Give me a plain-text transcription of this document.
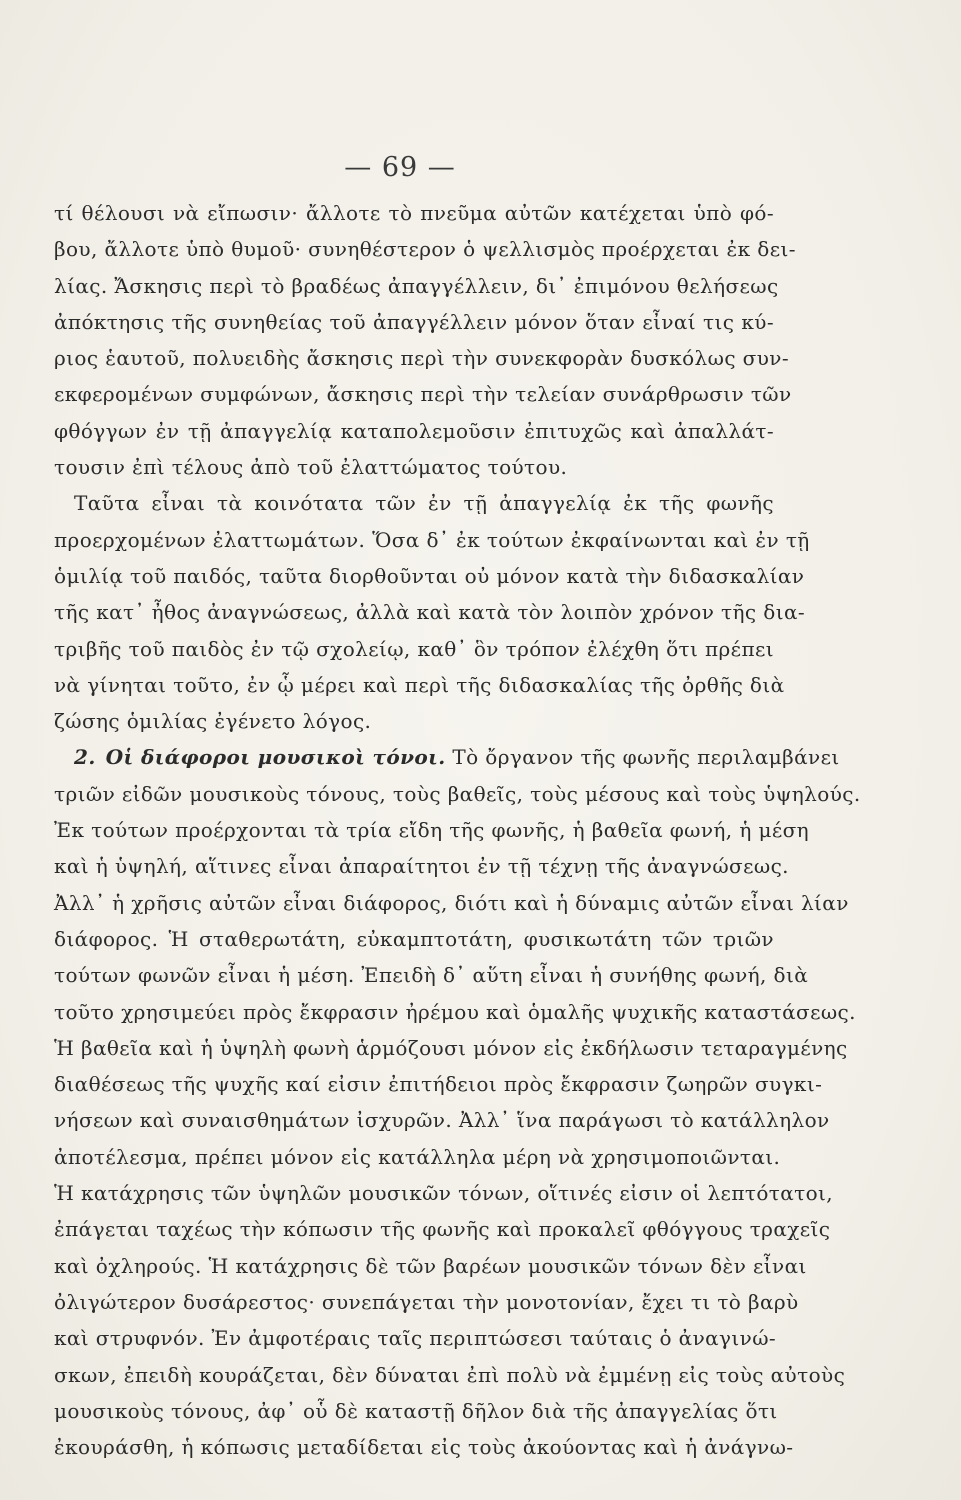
— 69 —
τί θέλουσι νὰ εἴπωσιν· ἄλλοτε τὸ πνεῦμα αὐτῶν κατέχεται ὑπὸ φό-
βου, ἄλλοτε ὑπὸ θυμοῦ· συνηθέστερον ὁ ψελλισμὸς προέρχεται ἐκ δει-
λίας. Ἄσκησις περὶ τὸ βραδέως ἀπαγγέλλειν, δι᾽ ἐπιμόνου θελήσεως
ἀπόκτησις τῆς συνηθείας τοῦ ἀπαγγέλλειν μόνον ὅταν εἶναί τις κύ-
ριος ἑαυτοῦ, πολυειδὴς ἄσκησις περὶ τὴν συνεκφορὰν δυσκόλως συν-
εκφερομένων συμφώνων, ἄσκησις περὶ τὴν τελείαν συνάρθρωσιν τῶν
φθόγγων ἐν τῇ ἀπαγγελίᾳ καταπολεμοῦσιν ἐπιτυχῶς καὶ ἀπαλλάτ-
τουσιν ἐπὶ τέλους ἀπὸ τοῦ ἐλαττώματος τούτου.
Ταῦτα εἶναι τὰ κοινότατα τῶν ἐν τῇ ἀπαγγελίᾳ ἐκ τῆς φωνῆς
προερχομένων ἐλαττωμάτων. Ὅσα δ᾽ ἐκ τούτων ἐκφαίνωνται καὶ ἐν τῇ
ὁμιλίᾳ τοῦ παιδός, ταῦτα διορθοῦνται οὐ μόνον κατὰ τὴν διδασκαλίαν
τῆς κατ᾽ ἦθος ἀναγνώσεως, ἀλλὰ καὶ κατὰ τὸν λοιπὸν χρόνον τῆς δια-
τριβῆς τοῦ παιδὸς ἐν τῷ σχολείῳ, καθ᾽ ὃν τρόπον ἐλέχθη ὅτι πρέπει
νὰ γίνηται τοῦτο, ἐν ᾧ μέρει καὶ περὶ τῆς διδασκαλίας τῆς ὀρθῆς διὰ
ζώσης ὁμιλίας ἐγένετο λόγος.
2. Οἱ διάφοροι μουσικοὶ τόνοι. Τὸ ὄργανον τῆς φωνῆς περιλαμβάνει
τριῶν εἰδῶν μουσικοὺς τόνους, τοὺς βαθεῖς, τοὺς μέσους καὶ τοὺς ὑψηλούς.
Ἐκ τούτων προέρχονται τὰ τρία εἴδη τῆς φωνῆς, ἡ βαθεῖα φωνή, ἡ μέση
καὶ ἡ ὑψηλή, αἵτινες εἶναι ἀπαραίτητοι ἐν τῇ τέχνῃ τῆς ἀναγνώσεως.
Ἀλλ᾽ ἡ χρῆσις αὐτῶν εἶναι διάφορος, διότι καὶ ἡ δύναμις αὐτῶν εἶναι λίαν
διάφορος. Ἡ σταθερωτάτη, εὐκαμπτοτάτη, φυσικωτάτη τῶν τριῶν
τούτων φωνῶν εἶναι ἡ μέση. Ἐπειδὴ δ᾽ αὕτη εἶναι ἡ συνήθης φωνή, διὰ
τοῦτο χρησιμεύει πρὸς ἔκφρασιν ἠρέμου καὶ ὁμαλῆς ψυχικῆς καταστάσεως.
Ἡ βαθεῖα καὶ ἡ ὑψηλὴ φωνὴ ἁρμόζουσι μόνον εἰς ἐκδήλωσιν τεταραγμένης
διαθέσεως τῆς ψυχῆς καί εἰσιν ἐπιτήδειοι πρὸς ἔκφρασιν ζωηρῶν συγκι-
νήσεων καὶ συναισθημάτων ἰσχυρῶν. Ἀλλ᾽ ἵνα παράγωσι τὸ κατάλληλον
ἀποτέλεσμα, πρέπει μόνον εἰς κατάλληλα μέρη νὰ χρησιμοποιῶνται.
Ἡ κατάχρησις τῶν ὑψηλῶν μουσικῶν τόνων, οἵτινές εἰσιν οἱ λεπτότατοι,
ἐπάγεται ταχέως τὴν κόπωσιν τῆς φωνῆς καὶ προκαλεῖ φθόγγους τραχεῖς
καὶ ὀχληρούς. Ἡ κατάχρησις δὲ τῶν βαρέων μουσικῶν τόνων δὲν εἶναι
ὀλιγώτερον δυσάρεστος· συνεπάγεται τὴν μονοτονίαν, ἔχει τι τὸ βαρὺ
καὶ στρυφνόν. Ἐν ἀμφοτέραις ταῖς περιπτώσεσι ταύταις ὁ ἀναγινώ-
σκων, ἐπειδὴ κουράζεται, δὲν δύναται ἐπὶ πολὺ νὰ ἐμμένῃ εἰς τοὺς αὐτοὺς
μουσικοὺς τόνους, ἀφ᾽ οὗ δὲ καταστῇ δῆλον διὰ τῆς ἀπαγγελίας ὅτι
ἐκουράσθη, ἡ κόπωσις μεταδίδεται εἰς τοὺς ἀκούοντας καὶ ἡ ἀνάγνω-
